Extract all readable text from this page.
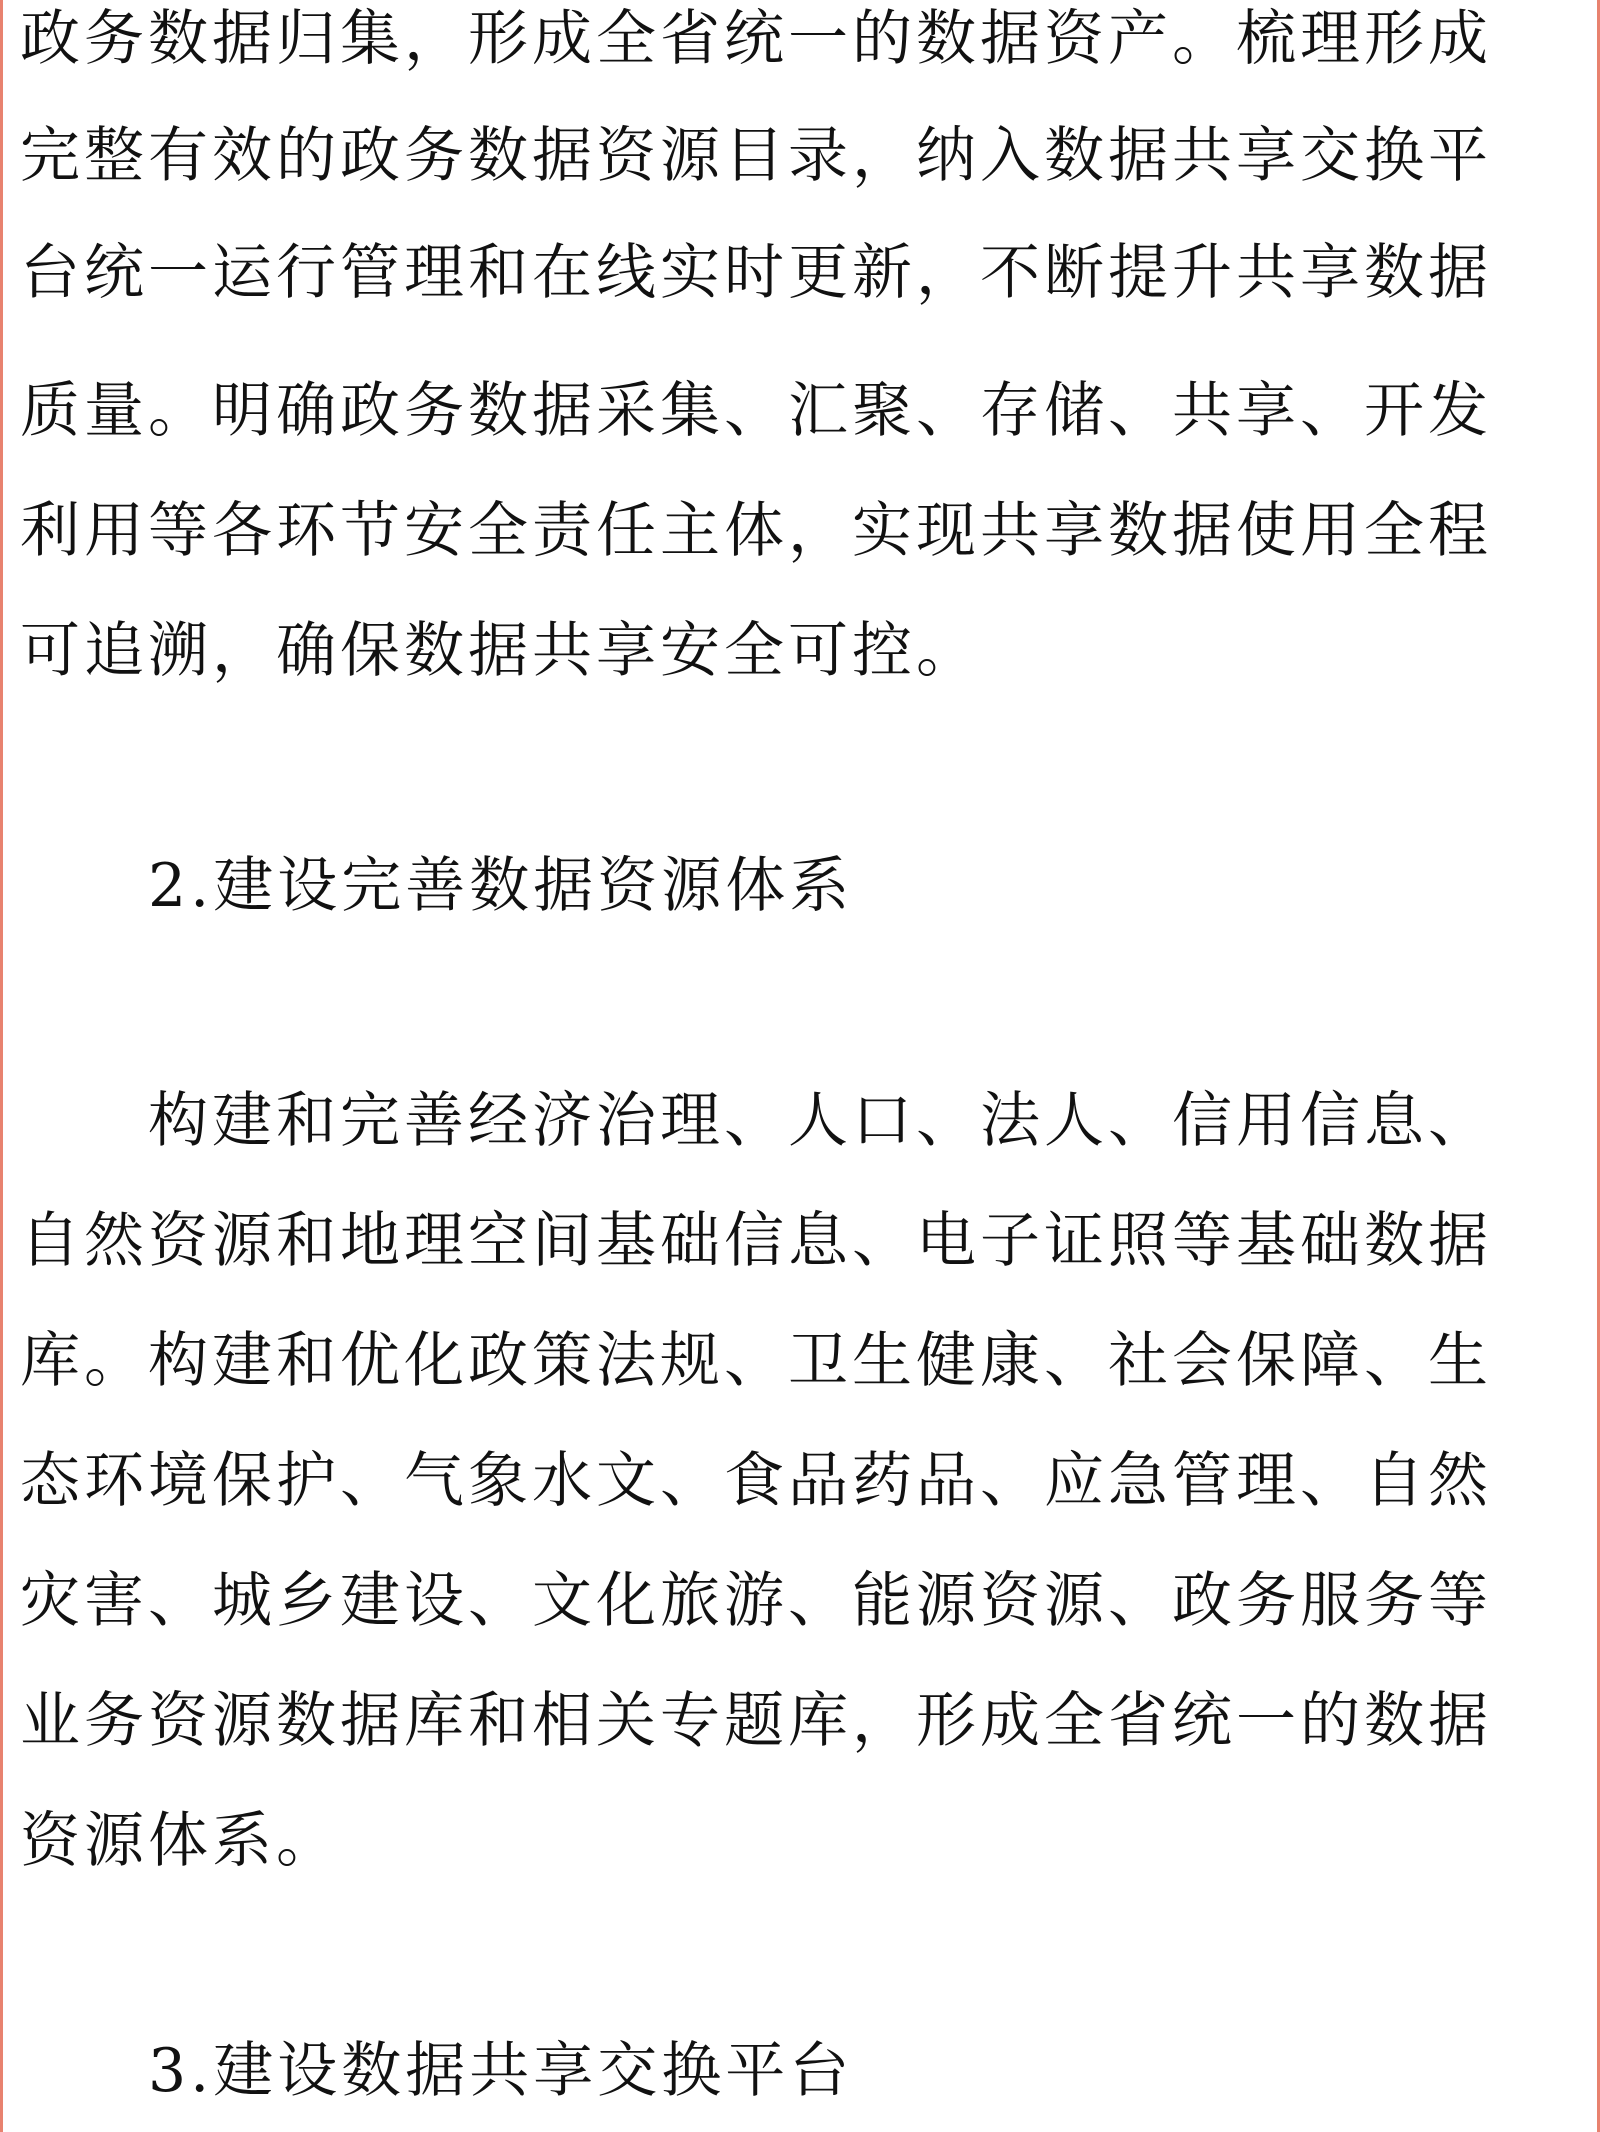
政务数据归集，形成全省统一的数据资产。梳理形成
完整有效的政务数据资源目录，纳入数据共享交换平
台统一运行管理和在线实时更新，不断提升共享数据
质量。明确政务数据采集、汇聚、存储、共享、开发
利用等各环节安全责任主体，实现共享数据使用全程
可追溯，确保数据共享安全可控。
2.建设完善数据资源体系
构建和完善经济治理、人口、法人、信用信息、
自然资源和地理空间基础信息、电子证照等基础数据
库。构建和优化政策法规、卫生健康、社会保障、生
态环境保护、气象水文、食品药品、应急管理、自然
灾害、城乡建设、文化旅游、能源资源、政务服务等
业务资源数据库和相关专题库，形成全省统一的数据
资源体系。
3.建设数据共享交换平台
